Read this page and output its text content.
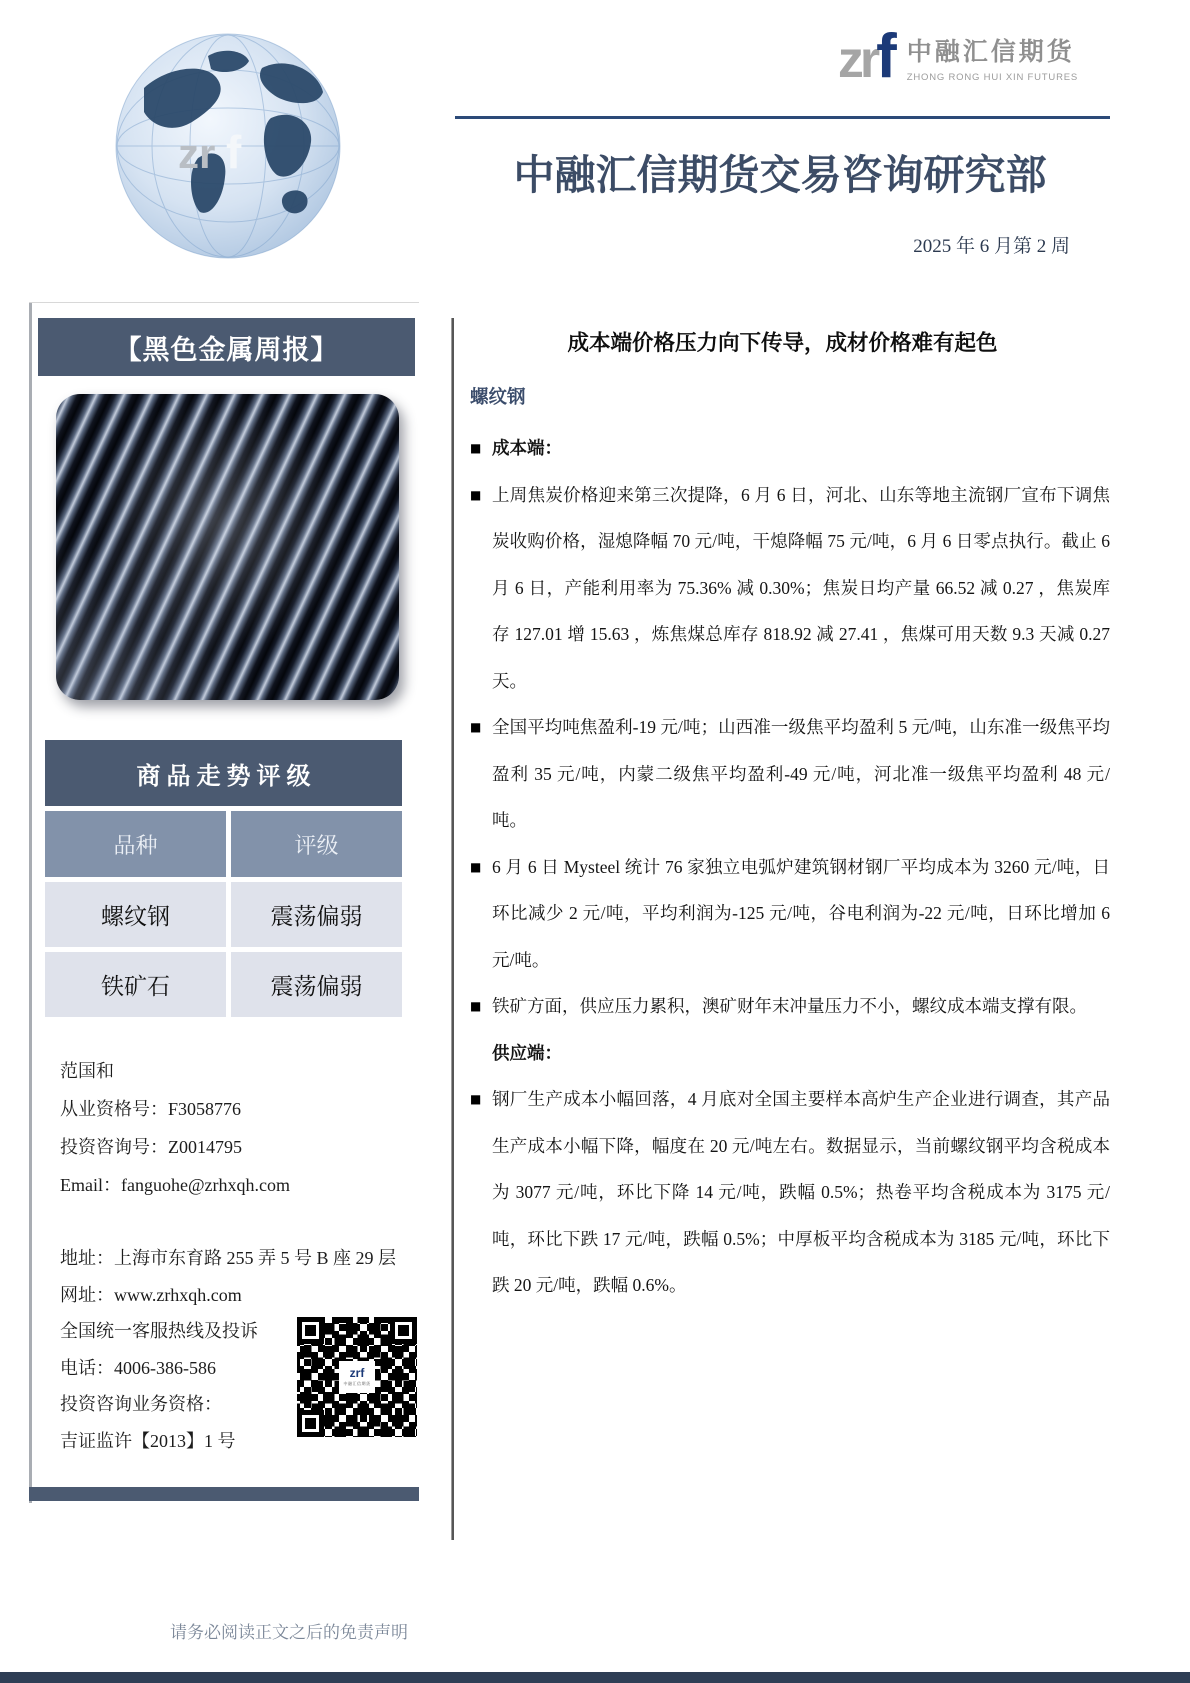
zr f
zrf 中融汇信期货
ZHONG RONG HUI XIN FUTURES
中融汇信期货交易咨询研究部
2025 年 6 月第 2 周
【黑色金属周报】
商 品 走 势 评 级
品种	评级
螺纹钢	震荡偏弱
铁矿石	震荡偏弱
范国和
从业资格号：F3058776
投资咨询号：Z0014795
Email：fanguohe@zrhxqh.com
地址：上海市东育路 255 弄 5 号 B 座 29 层
网址：www.zrhxqh.com
全国统一客服热线及投诉
电话：4006-386-586
投资咨询业务资格：
吉证监许【2013】1 号
zrf
中融汇信期货
成本端价格压力向下传导，成材价格难有起色
螺纹钢
■ 成本端：

■ 上周焦炭价格迎来第三次提降，6 月 6 日，河北、山东等地主流钢厂宣布下调焦炭收购价格，湿熄降幅 70 元/吨，干熄降幅 75 元/吨，6 月 6 日零点执行。截止 6 月 6 日，产能利用率为 75.36% 减 0.30%；焦炭日均产量 66.52 减 0.27 ，焦炭库存 127.01 增 15.63 ，炼焦煤总库存 818.92 减 27.41 ，焦煤可用天数 9.3 天减 0.27 天。

■ 全国平均吨焦盈利-19 元/吨；山西准一级焦平均盈利 5 元/吨，山东准一级焦平均盈利 35 元/吨，内蒙二级焦平均盈利-49 元/吨，河北准一级焦平均盈利 48 元/吨。

■ 6 月 6 日 Mysteel 统计 76 家独立电弧炉建筑钢材钢厂平均成本为 3260 元/吨，日环比减少 2 元/吨，平均利润为-125 元/吨，谷电利润为-22 元/吨，日环比增加 6 元/吨。

■ 铁矿方面，供应压力累积，澳矿财年末冲量压力不小，螺纹成本端支撑有限。

供应端：

■ 钢厂生产成本小幅回落，4 月底对全国主要样本高炉生产企业进行调查，其产品生产成本小幅下降，幅度在 20 元/吨左右。数据显示，当前螺纹钢平均含税成本为 3077 元/吨，环比下降 14 元/吨，跌幅 0.5%；热卷平均含税成本为 3175 元/吨，环比下跌 17 元/吨，跌幅 0.5%；中厚板平均含税成本为 3185 元/吨，环比下跌 20 元/吨，跌幅 0.6%。

请务必阅读正文之后的免责声明
